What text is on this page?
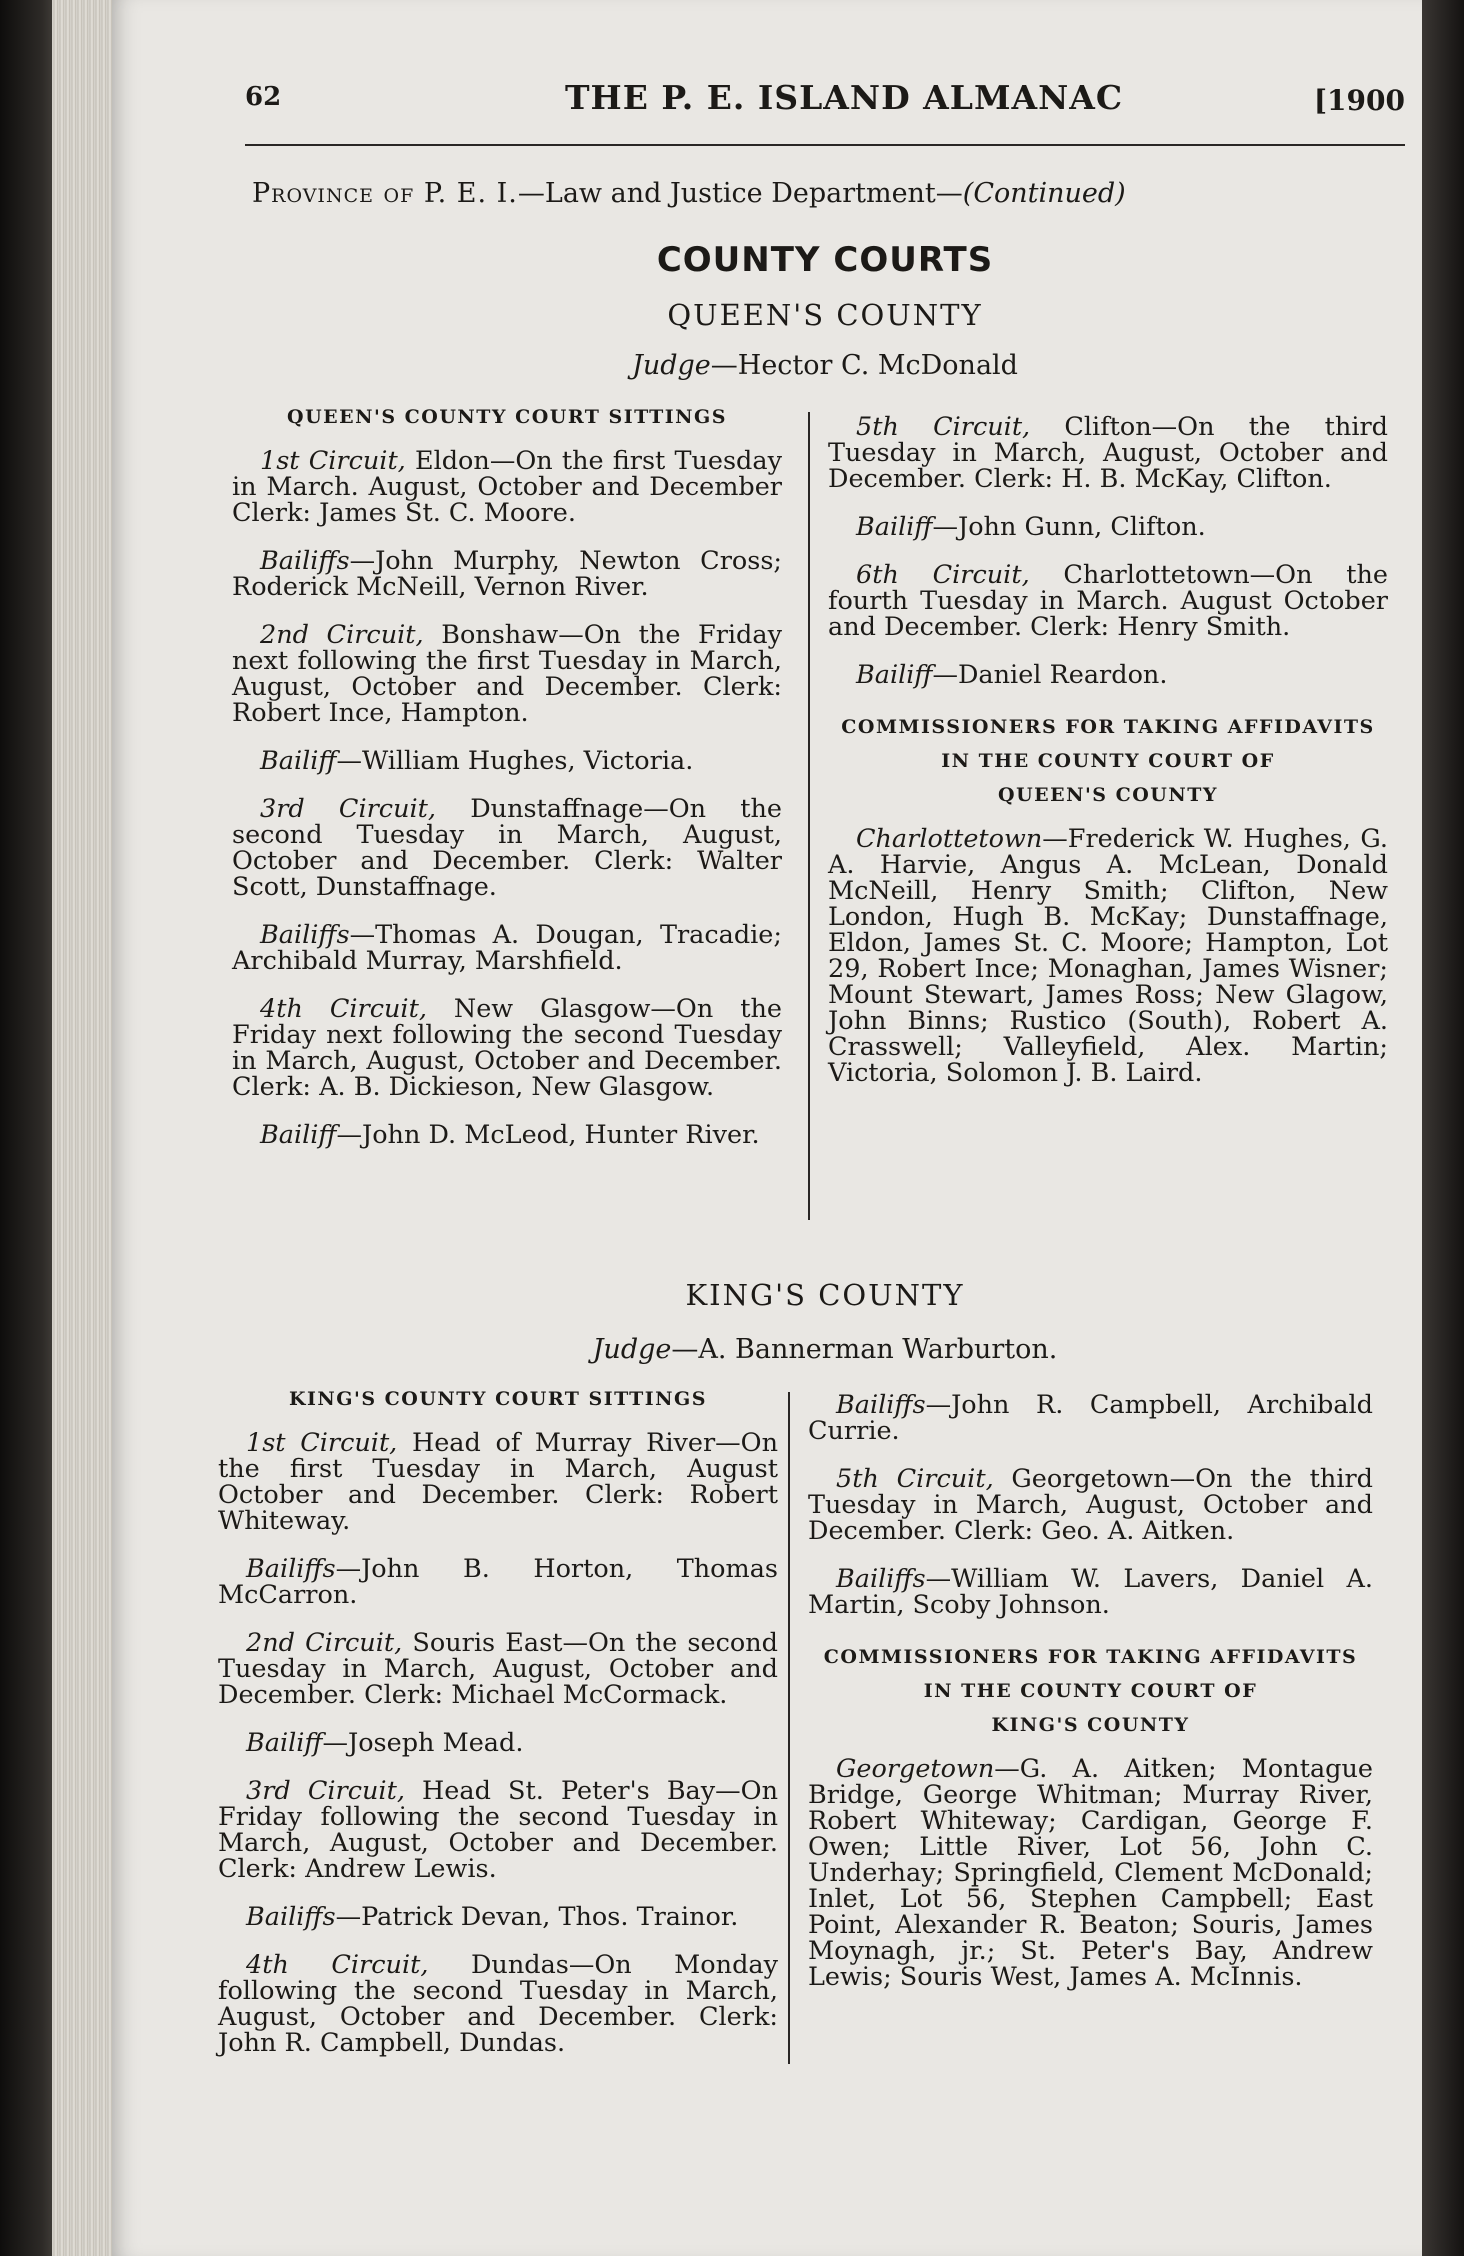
62	THE P. E. ISLAND ALMANAC	[1900
Province of P. E. I.—Law and Justice Department—(Continued)
COUNTY COURTS
QUEEN'S COUNTY
Judge—Hector C. McDonald

QUEEN'S COUNTY COURT SITTINGS

1st Circuit, Eldon—On the first Tuesday in March. August, October and December Clerk: James St. C. Moore.

Bailiffs—John Murphy, Newton Cross; Roderick McNeill, Vernon River.

2nd Circuit, Bonshaw—On the Friday next following the first Tuesday in March, August, October and December. Clerk: Robert Ince, Hampton.

Bailiff—William Hughes, Victoria.

3rd Circuit, Dunstaffnage—On the second Tuesday in March, August, October and December. Clerk: Walter Scott, Dunstaffnage.

Bailiffs—Thomas A. Dougan, Tracadie; Archibald Murray, Marshfield.

4th Circuit, New Glasgow—On the Friday next following the second Tuesday in March, August, October and December. Clerk: A. B. Dickieson, New Glasgow.

Bailiff—John D. McLeod, Hunter River.

5th Circuit, Clifton—On the third Tuesday in March, August, October and December. Clerk: H. B. McKay, Clifton.

Bailiff—John Gunn, Clifton.

6th Circuit, Charlottetown—On the fourth Tuesday in March. August October and December. Clerk: Henry Smith.

Bailiff—Daniel Reardon.

COMMISSIONERS FOR TAKING AFFIDAVITS

IN THE COUNTY COURT OF

QUEEN'S COUNTY

Charlottetown—Frederick W. Hughes, G. A. Harvie, Angus A. McLean, Donald McNeill, Henry Smith; Clifton, New London, Hugh B. McKay; Dunstaffnage, Eldon, James St. C. Moore; Hampton, Lot 29, Robert Ince; Monaghan, James Wisner; Mount Stewart, James Ross; New Glagow, John Binns; Rustico (South), Robert A. Crasswell; Valleyfield, Alex. Martin; Victoria, Solomon J. B. Laird.

KING'S COUNTY
Judge—A. Bannerman Warburton.

KING'S COUNTY COURT SITTINGS

1st Circuit, Head of Murray River—On the first Tuesday in March, August October and December. Clerk: Robert Whiteway.

Bailiffs—John B. Horton, Thomas McCarron.

2nd Circuit, Souris East—On the second Tuesday in March, August, October and December. Clerk: Michael McCormack.

Bailiff—Joseph Mead.

3rd Circuit, Head St. Peter's Bay—On Friday following the second Tuesday in March, August, October and December. Clerk: Andrew Lewis.

Bailiffs—Patrick Devan, Thos. Trainor.

4th Circuit, Dundas—On Monday following the second Tuesday in March, August, October and December. Clerk: John R. Campbell, Dundas.

Bailiffs—John R. Campbell, Archibald Currie.

5th Circuit, Georgetown—On the third Tuesday in March, August, October and December. Clerk: Geo. A. Aitken.

Bailiffs—William W. Lavers, Daniel A. Martin, Scoby Johnson.

COMMISSIONERS FOR TAKING AFFIDAVITS

IN THE COUNTY COURT OF

KING'S COUNTY

Georgetown—G. A. Aitken; Montague Bridge, George Whitman; Murray River, Robert Whiteway; Cardigan, George F. Owen; Little River, Lot 56, John C. Underhay; Springfield, Clement McDonald; Inlet, Lot 56, Stephen Campbell; East Point, Alexander R. Beaton; Souris, James Moynagh, jr.; St. Peter's Bay, Andrew Lewis; Souris West, James A. McInnis.
